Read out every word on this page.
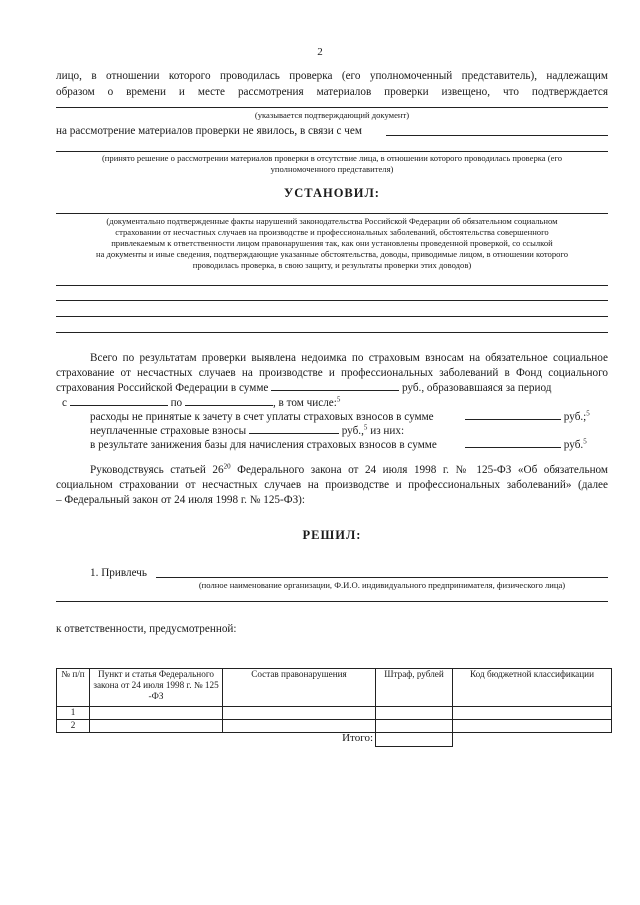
2
лицо, в отношении которого проводилась проверка (его уполномоченный представитель), надлежащим
образом о времени и месте рассмотрения материалов проверки извещено, что подтверждается
(указывается подтверждающий документ)
на рассмотрение материалов проверки не явилось, в связи с чем
(принято решение о рассмотрении материалов проверки в отсутствие лица, в отношении которого проводилась проверка (его
уполномоченного представителя)
УСТАНОВИЛ:
(документально подтвержденные факты нарушений законодательства Российской Федерации об обязательном социальном
страховании от несчастных случаев на производстве и профессиональных заболеваний, обстоятельства совершенного
привлекаемым к ответственности лицом правонарушения так, как они установлены проведенной проверкой, со ссылкой
на документы и иные сведения, подтверждающие указанные обстоятельства, доводы, приводимые лицом, в отношении которого
проводилась проверка, в свою защиту, и результаты проверки этих доводов)
Всего по результатам проверки выявлена недоимка по страховым взносам на обязательное социальное
страхование от несчастных случаев на производстве и профессиональных заболеваний в Фонд социального
страхования Российской Федерации в сумме	руб., образовавшаяся за период
с	по	, в том числе:$^5$
расходы не принятые к зачету в счет уплаты страховых взносов в сумме	руб.;$^5$
неуплаченные страховые взносы	руб.,$^5$ из них:
в результате занижения базы для начисления страховых взносов в сумме	руб.$^5$
Руководствуясь статьей $26^{20}$ Федерального закона от 24 июля 1998 г. № 125-ФЗ «Об обязательном
социальном страховании от несчастных случаев на производстве и профессиональных заболеваний» (далее
– Федеральный закон от 24 июля 1998 г. № 125-ФЗ):
РЕШИЛ:
1. Привлечь
(полное наименование организации, Ф.И.О. индивидуального предпринимателя, физического лица)
к ответственности, предусмотренной:
№ п/п	Пункт и статья Федерального закона от 24 июля 1998 г. № 125 -ФЗ	Состав правонарушения	Штраф, рублей	Код бюджетной классификации
1				
2				
Итого:				
